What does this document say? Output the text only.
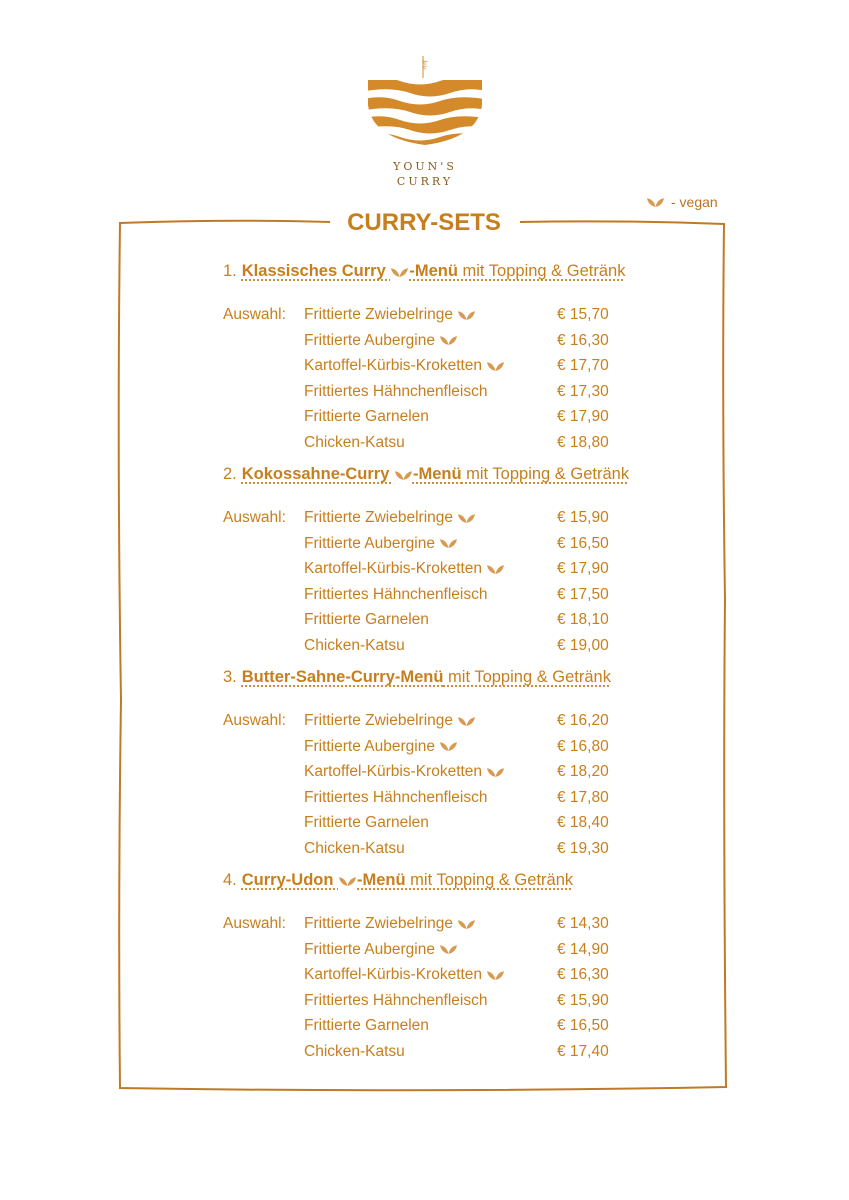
카레
YOUN'S
CURRY
- vegan
CURRY-SETS
1. Klassisches Curry -Menü mit Topping & Getränk
Auswahl:	Frittierte Zwiebelringe	€ 15,70
Frittierte Aubergine	€ 16,30
Kartoffel-Kürbis-Kroketten	€ 17,70
Frittiertes Hähnchenfleisch	€ 17,30
Frittierte Garnelen	€ 17,90
Chicken-Katsu	€ 18,80
2. Kokossahne-Curry -Menü mit Topping & Getränk
Auswahl:	Frittierte Zwiebelringe	€ 15,90
Frittierte Aubergine	€ 16,50
Kartoffel-Kürbis-Kroketten	€ 17,90
Frittiertes Hähnchenfleisch	€ 17,50
Frittierte Garnelen	€ 18,10
Chicken-Katsu	€ 19,00
3. Butter-Sahne-Curry-Menü mit Topping & Getränk
Auswahl:	Frittierte Zwiebelringe	€ 16,20
Frittierte Aubergine	€ 16,80
Kartoffel-Kürbis-Kroketten	€ 18,20
Frittiertes Hähnchenfleisch	€ 17,80
Frittierte Garnelen	€ 18,40
Chicken-Katsu	€ 19,30
4. Curry-Udon -Menü mit Topping & Getränk
Auswahl:	Frittierte Zwiebelringe	€ 14,30
Frittierte Aubergine	€ 14,90
Kartoffel-Kürbis-Kroketten	€ 16,30
Frittiertes Hähnchenfleisch	€ 15,90
Frittierte Garnelen	€ 16,50
Chicken-Katsu	€ 17,40
